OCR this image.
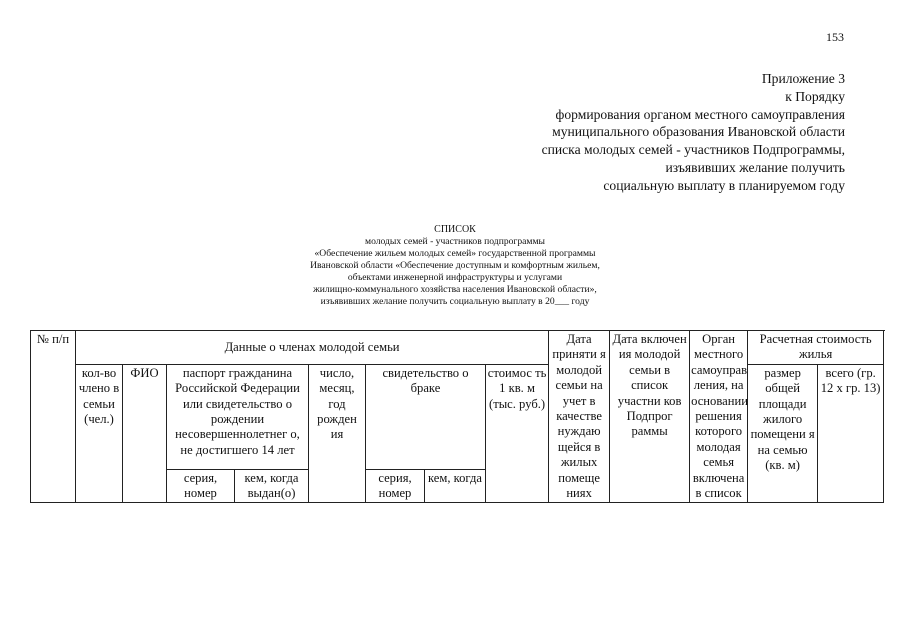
153
Приложение 3
к Порядку
формирования органом местного самоуправления
муниципального образования Ивановской области
списка молодых семей - участников Подпрограммы,
изъявивших желание получить
социальную выплату в планируемом году
СПИСОК
молодых семей - участников подпрограммы
«Обеспечение жильем молодых семей» государственной программы
Ивановской области «Обеспечение доступным и комфортным жильем,
объектами инженерной инфраструктуры и услугами
жилищно-коммунального хозяйства населения Ивановской области»,
изъявивших желание получить социальную выплату в 20___ году
№ п/п	Данные о членах молодой семьи								Дата приняти я молодой семьи на учет в качестве нуждаю щейся в жилых помеще ниях	Дата включен ия молодой семьи в список участни ков Подпрог раммы	Орган местного самоуправ ления, на основании решения которого молодая семья включена в список	Расчетная стоимость жилья	

	кол-во члено в семьи (чел.)	ФИО	паспорт гражданина Российской Федерации или свидетельство о рождении несовершеннолетнег о, не достигшего 14 лет		число, месяц, год рожден ия	свидетельство о браке		стоимос ть 1 кв. м (тыс. руб.)				размер общей площади жилого помещени я на семью (кв. м)	всего (гр. 12 х гр. 13)

			серия, номер	кем, когда выдан(о)		серия, номер	кем, когда						
